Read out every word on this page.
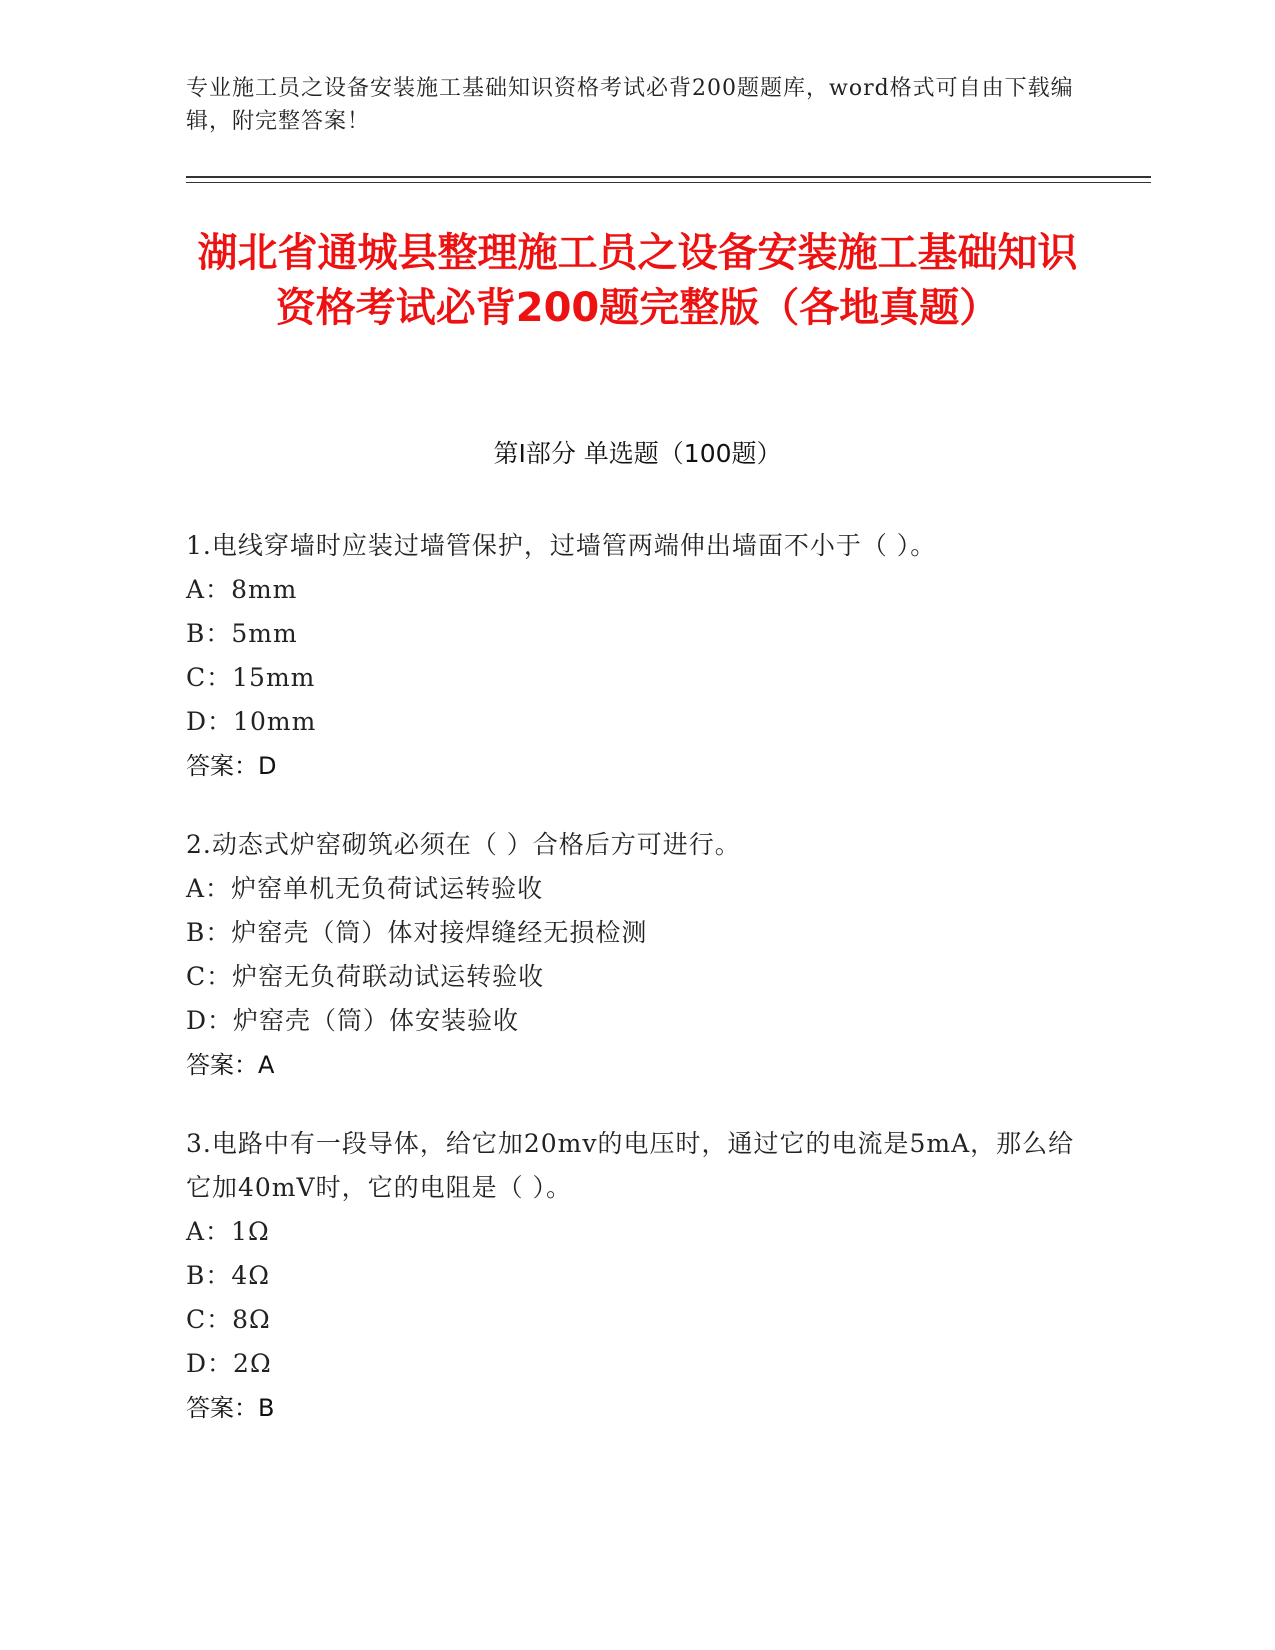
专业施工员之设备安装施工基础知识资格考试必背200题题库，word格式可自由下载编辑，附完整答案！
湖北省通城县整理施工员之设备安装施工基础知识资格考试必背200题完整版（各地真题）
第I部分 单选题（100题）

1.电线穿墙时应装过墙管保护，过墙管两端伸出墙面不小于（ ）。

A： 8mm
B： 5mm
C： 15mm
D： 10mm

答案：D

2.动态式炉窑砌筑必须在（ ）合格后方可进行。

A： 炉窑单机无负荷试运转验收
B： 炉窑壳（筒）体对接焊缝经无损检测
C： 炉窑无负荷联动试运转验收
D： 炉窑壳（筒）体安装验收

答案：A

3.电路中有一段导体，给它加20mv的电压时，通过它的电流是5mA，那么给它加40mV时，它的电阻是（ ）。

A： 1Ω
B： 4Ω
C： 8Ω
D： 2Ω

答案：B
